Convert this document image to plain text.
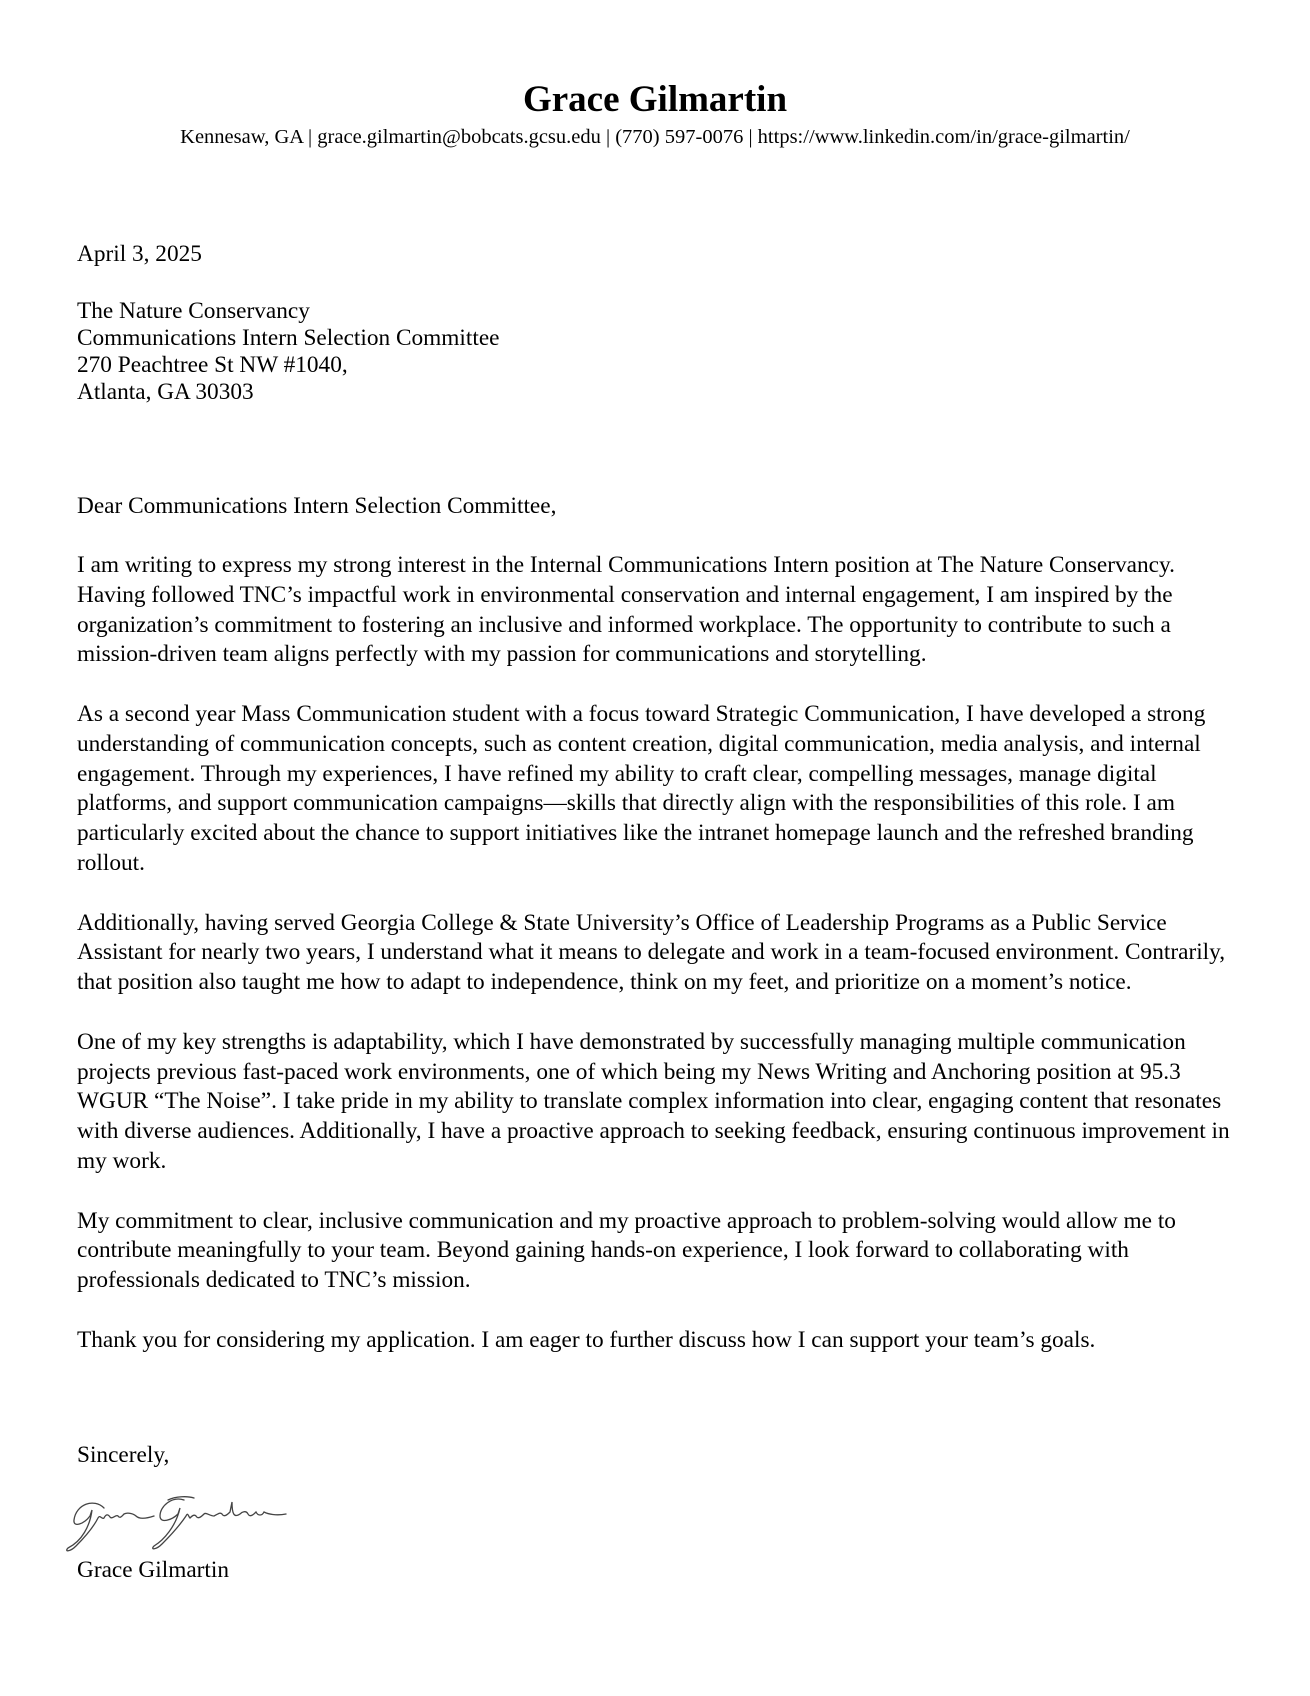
Grace Gilmartin
Kennesaw, GA | grace.gilmartin@bobcats.gcsu.edu | (770) 597-0076 | https://www.linkedin.com/in/grace-gilmartin/
April 3, 2025
The Nature Conservancy
Communications Intern Selection Committee
270 Peachtree St NW #1040,
Atlanta, GA 30303
Dear Communications Intern Selection Committee,

I am writing to express my strong interest in the Internal Communications Intern position at The Nature Conservancy. Having followed TNC’s impactful work in environmental conservation and internal engagement, I am inspired by the organization’s commitment to fostering an inclusive and informed workplace. The opportunity to contribute to such a mission-driven team aligns perfectly with my passion for communications and storytelling.

As a second year Mass Communication student with a focus toward Strategic Communication, I have developed a strong understanding of communication concepts, such as content creation, digital communication, media analysis, and internal engagement. Through my experiences, I have refined my ability to craft clear, compelling messages, manage digital platforms, and support communication campaigns—skills that directly align with the responsibilities of this role. I am particularly excited about the chance to support initiatives like the intranet homepage launch and the refreshed branding rollout.

Additionally, having served Georgia College & State University’s Office of Leadership Programs as a Public Service Assistant for nearly two years, I understand what it means to delegate and work in a team-focused environment. Contrarily, that position also taught me how to adapt to independence, think on my feet, and prioritize on a moment’s notice.

One of my key strengths is adaptability, which I have demonstrated by successfully managing multiple communication projects previous fast-paced work environments, one of which being my News Writing and Anchoring position at 95.3 WGUR “The Noise”. I take pride in my ability to translate complex information into clear, engaging content that resonates with diverse audiences. Additionally, I have a proactive approach to seeking feedback, ensuring continuous improvement in my work.

My commitment to clear, inclusive communication and my proactive approach to problem-solving would allow me to contribute meaningfully to your team. Beyond gaining hands-on experience, I look forward to collaborating with professionals dedicated to TNC’s mission.

Thank you for considering my application. I am eager to further discuss how I can support your team’s goals.

Sincerely,
Grace Gilmartin
